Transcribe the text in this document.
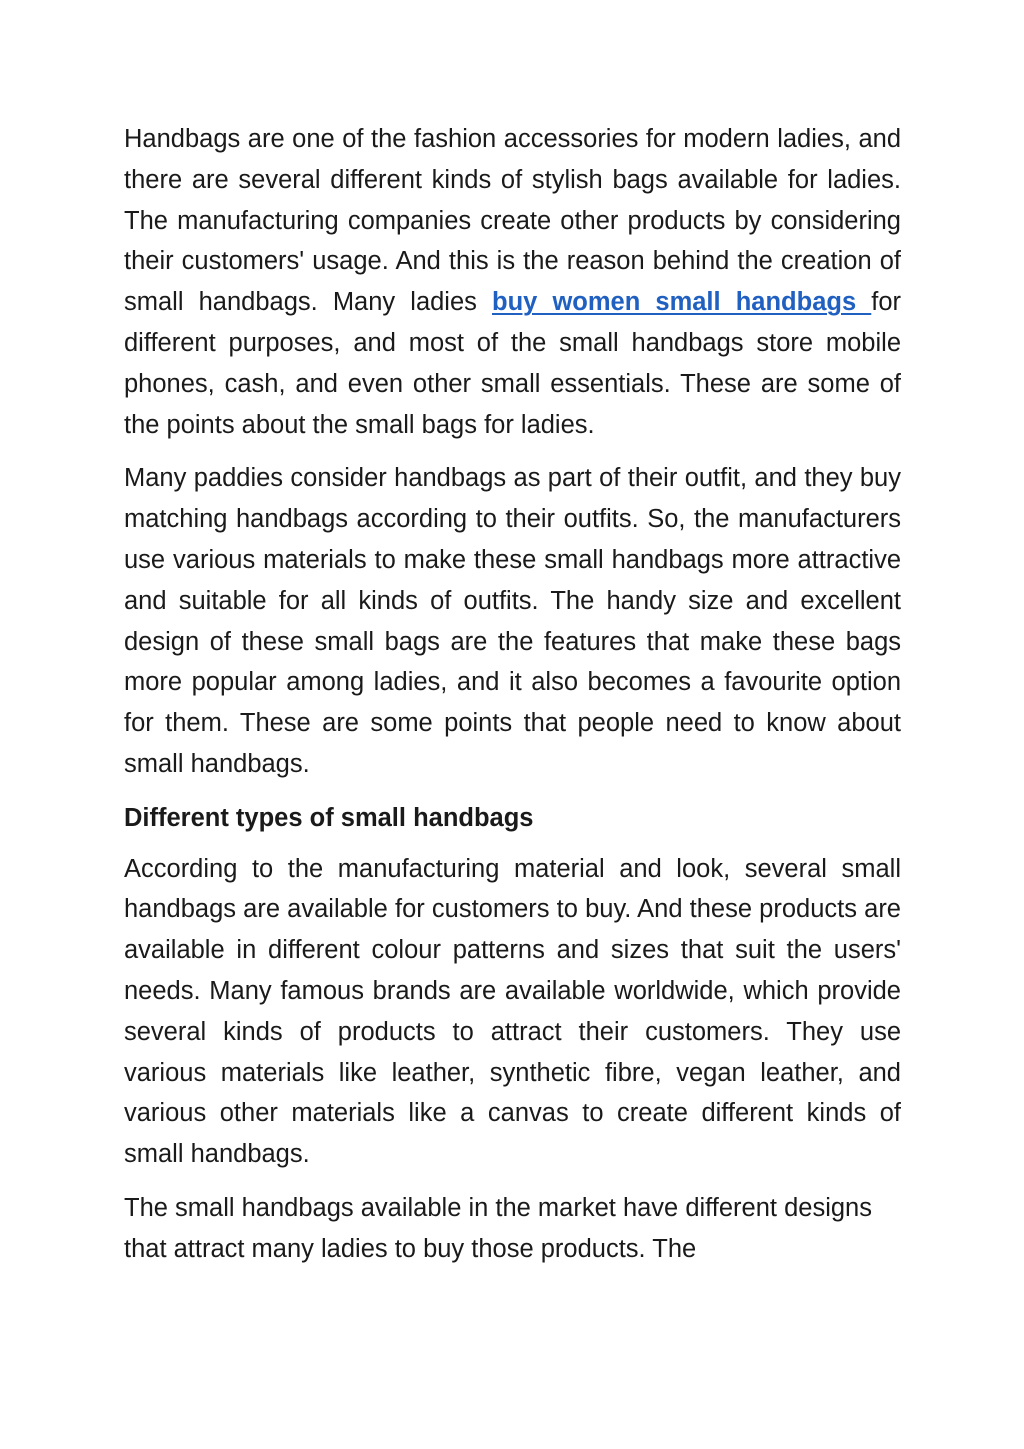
Handbags are one of the fashion accessories for modern ladies, and there are several different kinds of stylish bags available for ladies. The manufacturing companies create other products by considering their customers' usage. And this is the reason behind the creation of small handbags. Many ladies buy women small handbags for different purposes, and most of the small handbags store mobile phones, cash, and even other small essentials. These are some of the points about the small bags for ladies.

Many paddies consider handbags as part of their outfit, and they buy matching handbags according to their outfits. So, the manufacturers use various materials to make these small handbags more attractive and suitable for all kinds of outfits. The handy size and excellent design of these small bags are the features that make these bags more popular among ladies, and it also becomes a favourite option for them. These are some points that people need to know about small handbags.

Different types of small handbags

According to the manufacturing material and look, several small handbags are available for customers to buy. And these products are available in different colour patterns and sizes that suit the users' needs. Many famous brands are available worldwide, which provide several kinds of products to attract their customers. They use various materials like leather, synthetic fibre, vegan leather, and various other materials like a canvas to create different kinds of small handbags.

The small handbags available in the market have different designs that attract many ladies to buy those products. The
